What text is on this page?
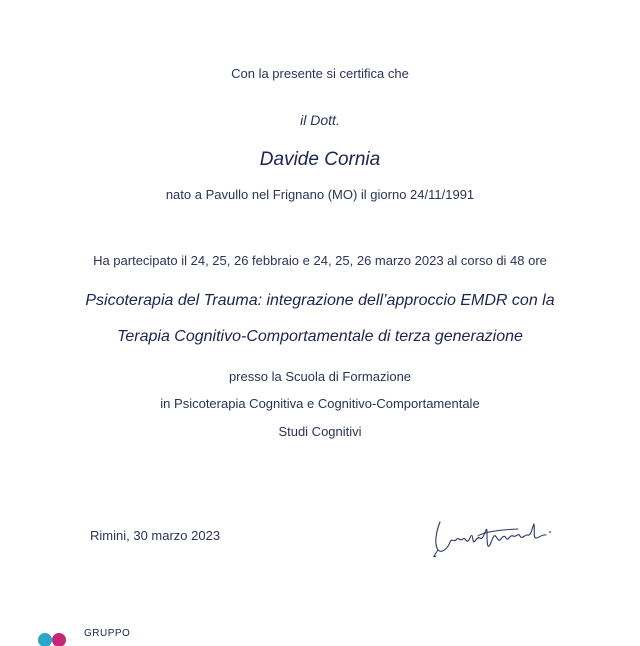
Con la presente si certifica che
il Dott.
Davide Cornia
nato a Pavullo nel Frignano (MO) il giorno 24/11/1991
Ha partecipato il 24, 25, 26 febbraio e 24, 25, 26 marzo 2023 al corso di 48 ore
Psicoterapia del Trauma: integrazione dell’approccio EMDR con la
Terapia Cognitivo-Comportamentale di terza generazione
presso la Scuola di Formazione
in Psicoterapia Cognitiva e Cognitivo-Comportamentale
Studi Cognitivi
Rimini, 30 marzo 2023
GRUPPO
